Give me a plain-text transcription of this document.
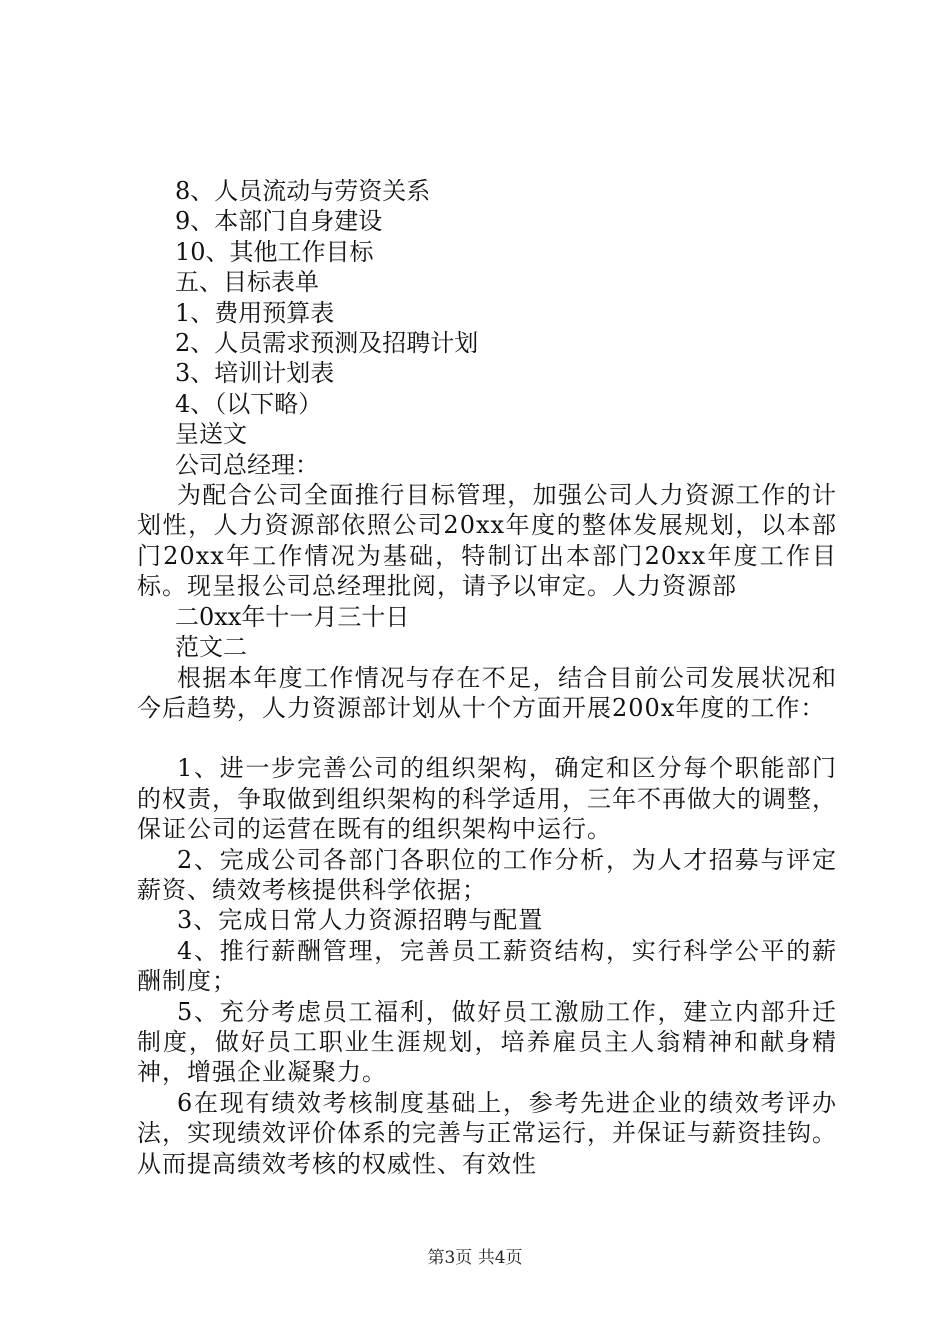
8、人员流动与劳资关系
9、本部门自身建设
10、其他工作目标
五、目标表单
1、费用预算表
2、人员需求预测及招聘计划
3、培训计划表
4、（以下略）
呈送文
公司总经理：

为配合公司全面推行目标管理，加强公司人力资源工作的计划性，人力资源部依照公司20xx年度的整体发展规划，以本部门20xx年工作情况为基础，特制订出本部门20xx年度工作目标。现呈报公司总经理批阅，请予以审定。人力资源部

二0xx年十一月三十日
范文二

根据本年度工作情况与存在不足，结合目前公司发展状况和今后趋势，人力资源部计划从十个方面开展200x年度的工作：

1、进一步完善公司的组织架构，确定和区分每个职能部门的权责，争取做到组织架构的科学适用，三年不再做大的调整，保证公司的运营在既有的组织架构中运行。

2、完成公司各部门各职位的工作分析，为人才招募与评定薪资、绩效考核提供科学依据；

3、完成日常人力资源招聘与配置

4、推行薪酬管理，完善员工薪资结构，实行科学公平的薪酬制度；

5、充分考虑员工福利，做好员工激励工作，建立内部升迁制度，做好员工职业生涯规划，培养雇员主人翁精神和献身精神，增强企业凝聚力。

6在现有绩效考核制度基础上，参考先进企业的绩效考评办法，实现绩效评价体系的完善与正常运行，并保证与薪资挂钩。从而提高绩效考核的权威性、有效性

第3页 共4页
